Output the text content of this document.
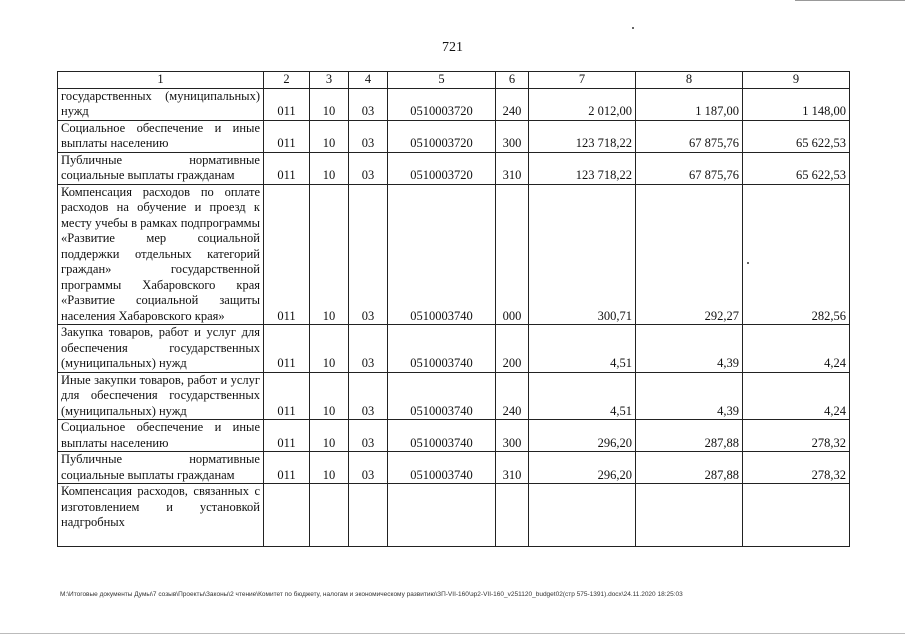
721
1	2	3	4	5	6	7	8	9
государственных (муниципальных) нужд	011	10	03	0510003720	240	2 012,00	1 187,00	1 148,00
Социальное обеспечение и иные выплаты населению	011	10	03	0510003720	300	123 718,22	67 875,76	65 622,53
Публичные нормативные социальные выплаты гражданам	011	10	03	0510003720	310	123 718,22	67 875,76	65 622,53
Компенсация расходов по оплате расходов на обучение и проезд к месту учебы в рамках подпрограммы «Развитие мер социальной поддержки отдельных категорий граждан» государственной программы Хабаровского края «Развитие социальной защиты населения Хабаровского края»	011	10	03	0510003740	000	300,71	292,27	282,56
Закупка товаров, работ и услуг для обеспечения государственных (муниципальных) нужд	011	10	03	0510003740	200	4,51	4,39	4,24
Иные закупки товаров, работ и услуг для обеспечения государственных (муниципальных) нужд	011	10	03	0510003740	240	4,51	4,39	4,24
Социальное обеспечение и иные выплаты населению	011	10	03	0510003740	300	296,20	287,88	278,32
Публичные нормативные социальные выплаты гражданам	011	10	03	0510003740	310	296,20	287,88	278,32
Компенсация расходов, связанных с изготовлением и установкой надгробных								
M:\Итоговые документы Думы\7 созыв\Проекты\Законы\2 чтение\Комитет по бюджету, налогам и экономическому развитию\ЗП-VII-160\зp2-VII-160_v251120_budget02(стр 575-1391).docx\24.11.2020 18:25:03
